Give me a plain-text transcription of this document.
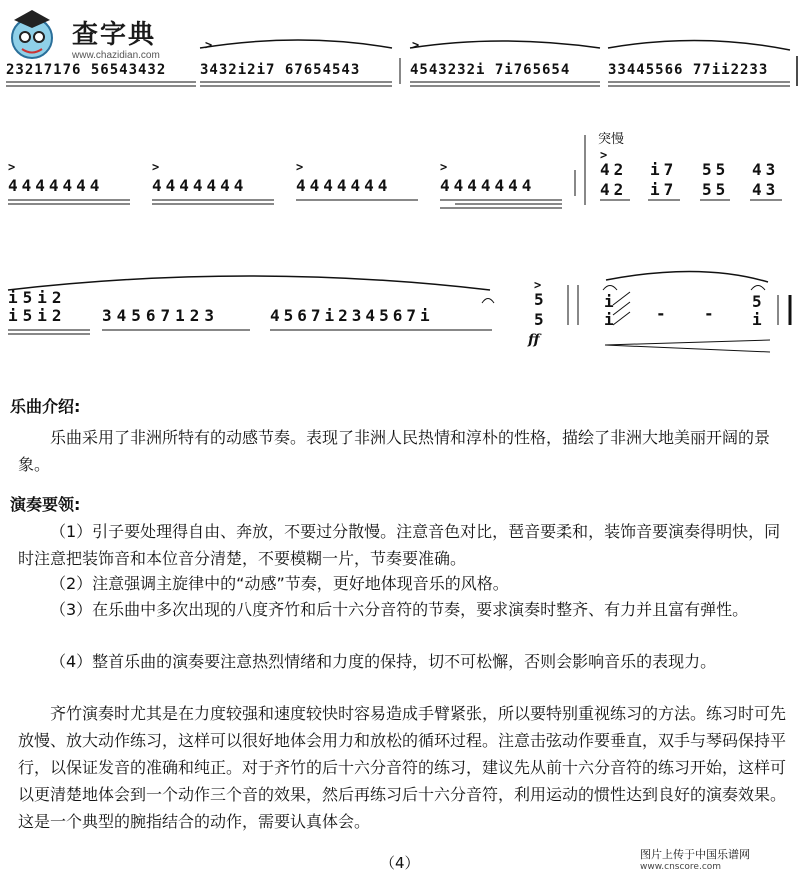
查字典
www.chazidian.com
>	>
23217176 56543432 3432i2i7 67654543	4543232i 7i765654	33445566 77ii2233
>	>	>	>
4444444	4444444	4444444	4444444
突慢
>
42
42
i7
i7
55
55
43
43
i5i2
i5i2 34567123	4567i234567i
>
5
5
ff
i
i	- -
5
i
乐曲介绍:
乐曲采用了非洲所特有的动感节奏。表现了非洲人民热情和淳朴的性格，描绘了非洲大地美丽开阔的景象。
演奏要领:
（1）引子要处理得自由、奔放，不要过分散慢。注意音色对比，琶音要柔和，装饰音要演奏得明快，同时注意把装饰音和本位音分清楚，不要模糊一片，节奏要准确。
（2）注意强调主旋律中的“动感”节奏，更好地体现音乐的风格。
（3）在乐曲中多次出现的八度齐竹和后十六分音符的节奏，要求演奏时整齐、有力并且富有弹性。
（4）整首乐曲的演奏要注意热烈情绪和力度的保持，切不可松懈，否则会影响音乐的表现力。
齐竹演奏时尤其是在力度较强和速度较快时容易造成手臂紧张，所以要特别重视练习的方法。练习时可先放慢、放大动作练习，这样可以很好地体会用力和放松的循环过程。注意击弦动作要垂直，双手与琴码保持平行，以保证发音的准确和纯正。对于齐竹的后十六分音符的练习，建议先从前十六分音符的练习开始，这样可以更清楚地体会到一个动作三个音的效果，然后再练习后十六分音符，利用运动的惯性达到良好的演奏效果。这是一个典型的腕指结合的动作，需要认真体会。
（4）	图片上传于中国乐谱网
www.cnscore.com
